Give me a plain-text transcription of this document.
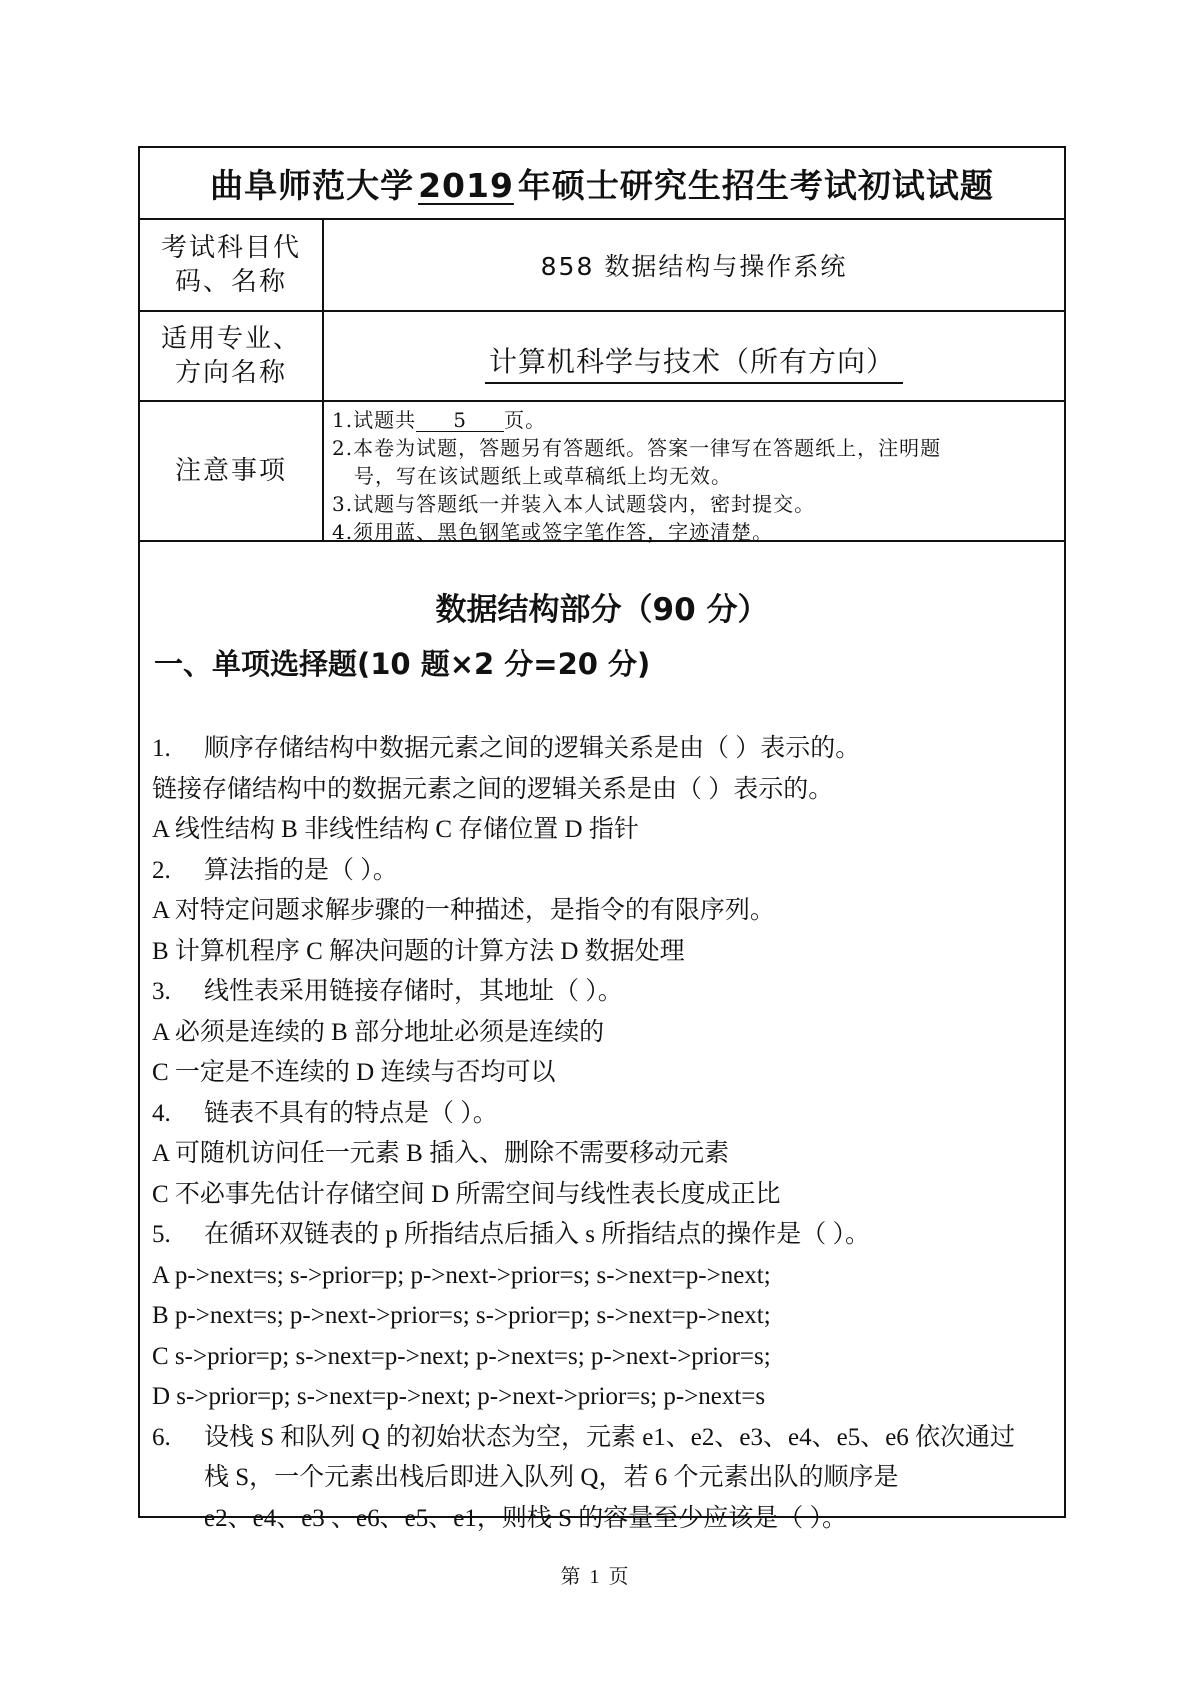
曲阜师范大学 2019 年硕士研究生招生考试初试试题
考试科目代
码、名称
858 数据结构与操作系统
适用专业、
方向名称	计算机科学与技术（所有方向）
注意事项

1.试题共 5 页。

2.本卷为试题，答题另有答题纸。答案一律写在答题纸上，注明题

号，写在该试题纸上或草稿纸上均无效。

3.试题与答题纸一并装入本人试题袋内，密封提交。

4.须用蓝、黑色钢笔或签字笔作答，字迹清楚。

数据结构部分（90 分）
一、单项选择题(10 题×2 分=20 分)

1. 顺序存储结构中数据元素之间的逻辑关系是由（ ）表示的。

链接存储结构中的数据元素之间的逻辑关系是由（ ）表示的。

A 线性结构 B 非线性结构 C 存储位置 D 指针

2. 算法指的是（ ）。

A 对特定问题求解步骤的一种描述，是指令的有限序列。

B 计算机程序 C 解决问题的计算方法 D 数据处理

3. 线性表采用链接存储时，其地址（ ）。

A 必须是连续的 B 部分地址必须是连续的

C 一定是不连续的 D 连续与否均可以

4. 链表不具有的特点是（ ）。

A 可随机访问任一元素 B 插入、删除不需要移动元素

C 不必事先估计存储空间 D 所需空间与线性表长度成正比

5. 在循环双链表的 p 所指结点后插入 s 所指结点的操作是（ ）。

A p->next=s; s->prior=p; p->next->prior=s; s->next=p->next;

B p->next=s; p->next->prior=s; s->prior=p; s->next=p->next;

C s->prior=p; s->next=p->next; p->next=s; p->next->prior=s;

D s->prior=p; s->next=p->next; p->next->prior=s; p->next=s

6. 设栈 S 和队列 Q 的初始状态为空，元素 e1、e2、e3、e4、e5、e6 依次通过

栈 S，一个元素出栈后即进入队列 Q，若 6 个元素出队的顺序是

e2、e4、e3 、e6、e5、e1，则栈 S 的容量至少应该是（ ）。

第 1 页
